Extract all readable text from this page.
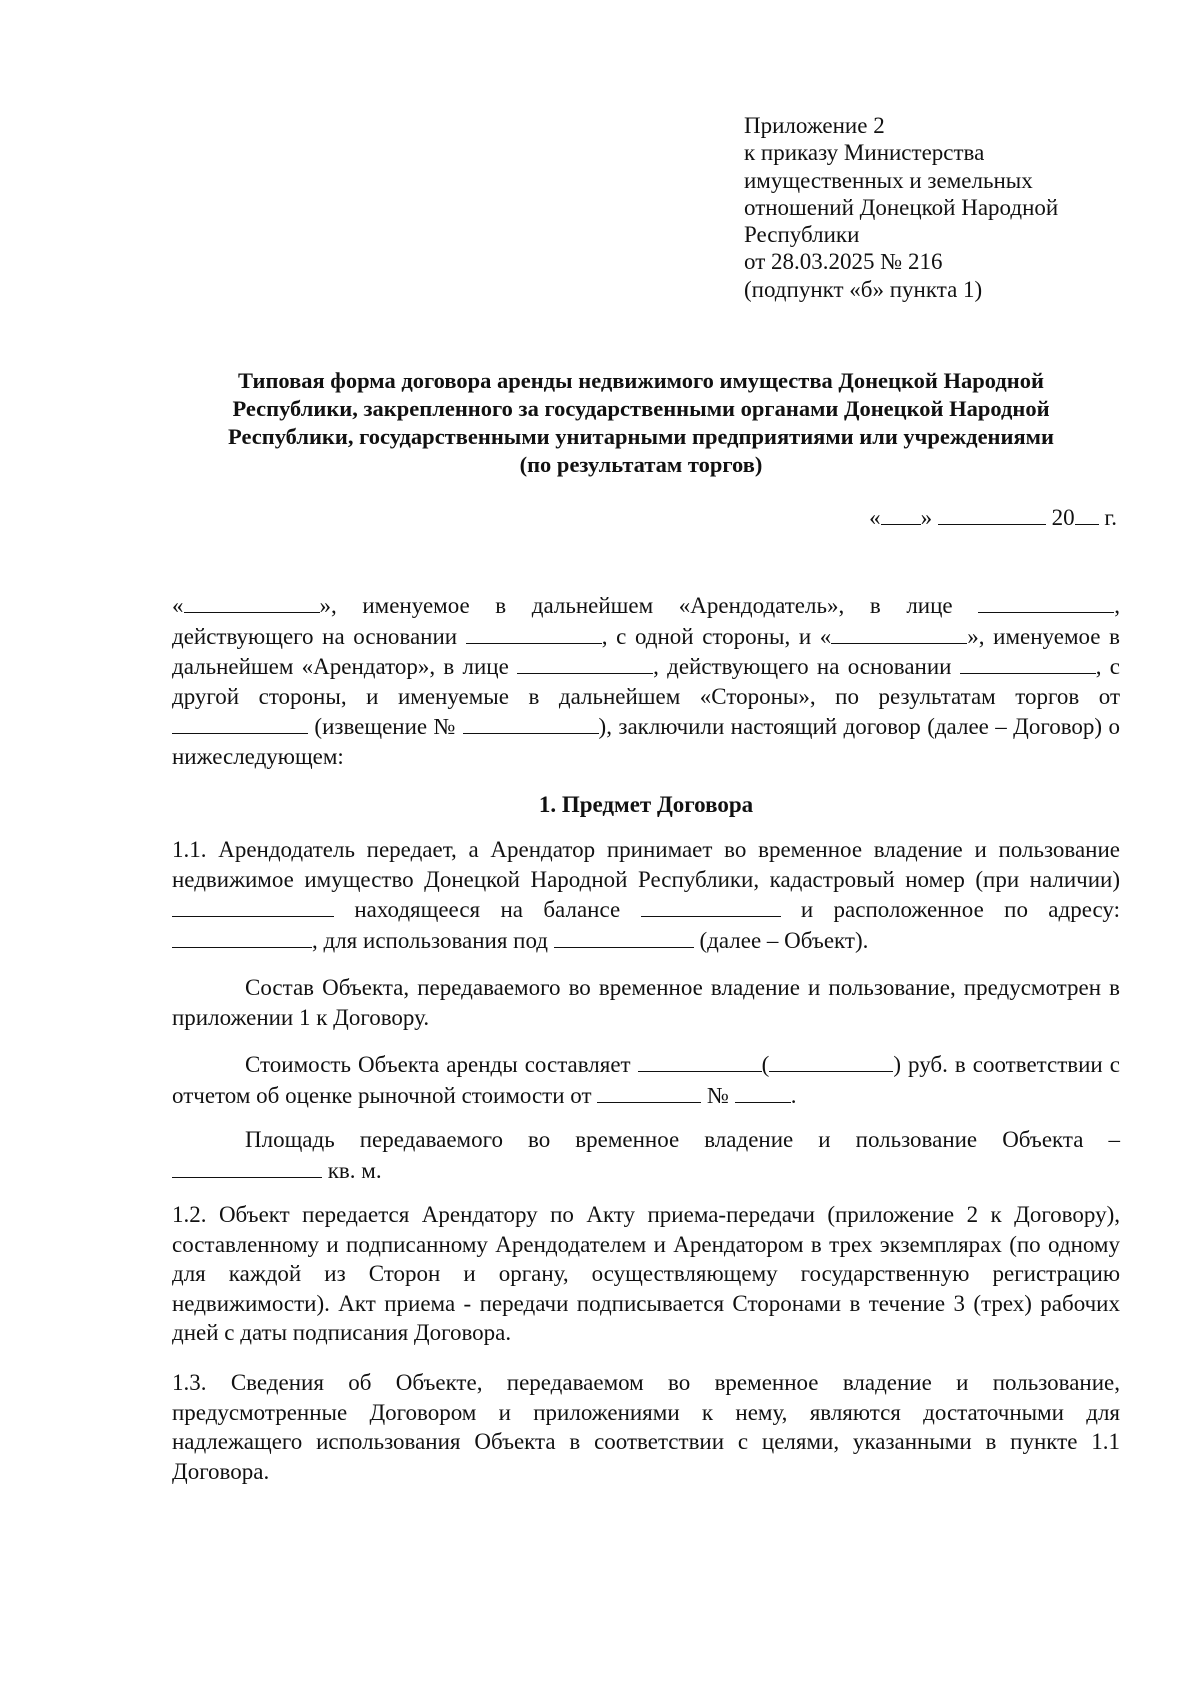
Приложение 2
к приказу Министерства
имущественных и земельных
отношений Донецкой Народной
Республики
от 28.03.2025 № 216
(подпункт «б» пункта 1)
Типовая форма договора аренды недвижимого имущества Донецкой Народной
Республики, закрепленного за государственными органами Донецкой Народной
Республики, государственными унитарными предприятиями или учреждениями
(по результатам торгов)
« »	20 г.

«	», именуемое в дальнейшем «Арендодатель», в лице	, действующего на основании	, с одной стороны, и «	», именуемое в дальнейшем «Арендатор», в лице	, действующего на основании	, с другой стороны, и именуемые в дальнейшем «Стороны», по результатам торгов от  (извещение №	), заключили настоящий договор (далее – Договор) о нижеследующем:

1. Предмет Договора

1.1. Арендодатель передает, а Арендатор принимает во временное владение и пользование недвижимое имущество Донецкой Народной Республики, кадастровый номер (при наличии)  находящееся на балансе	и расположенное по адресу: , для использования под	(далее – Объект).

Состав Объекта, передаваемого во временное владение и пользование, предусмотрен в приложении 1 к Договору.

Стоимость Объекта аренды составляет	(	) руб. в соответствии с отчетом об оценке рыночной стоимости от	№ .

Площадь передаваемого во временное владение и пользование Объекта –  кв. м.

1.2. Объект передается Арендатору по Акту приема-передачи (приложение 2 к Договору), составленному и подписанному Арендодателем и Арендатором в трех экземплярах (по одному для каждой из Сторон и органу, осуществляющему государственную регистрацию недвижимости). Акт приема - передачи подписывается Сторонами в течение 3 (трех) рабочих дней с даты подписания Договора.

1.3. Сведения об Объекте, передаваемом во временное владение и пользование, предусмотренные Договором и приложениями к нему, являются достаточными для надлежащего использования Объекта в соответствии с целями, указанными в пункте 1.1 Договора.
